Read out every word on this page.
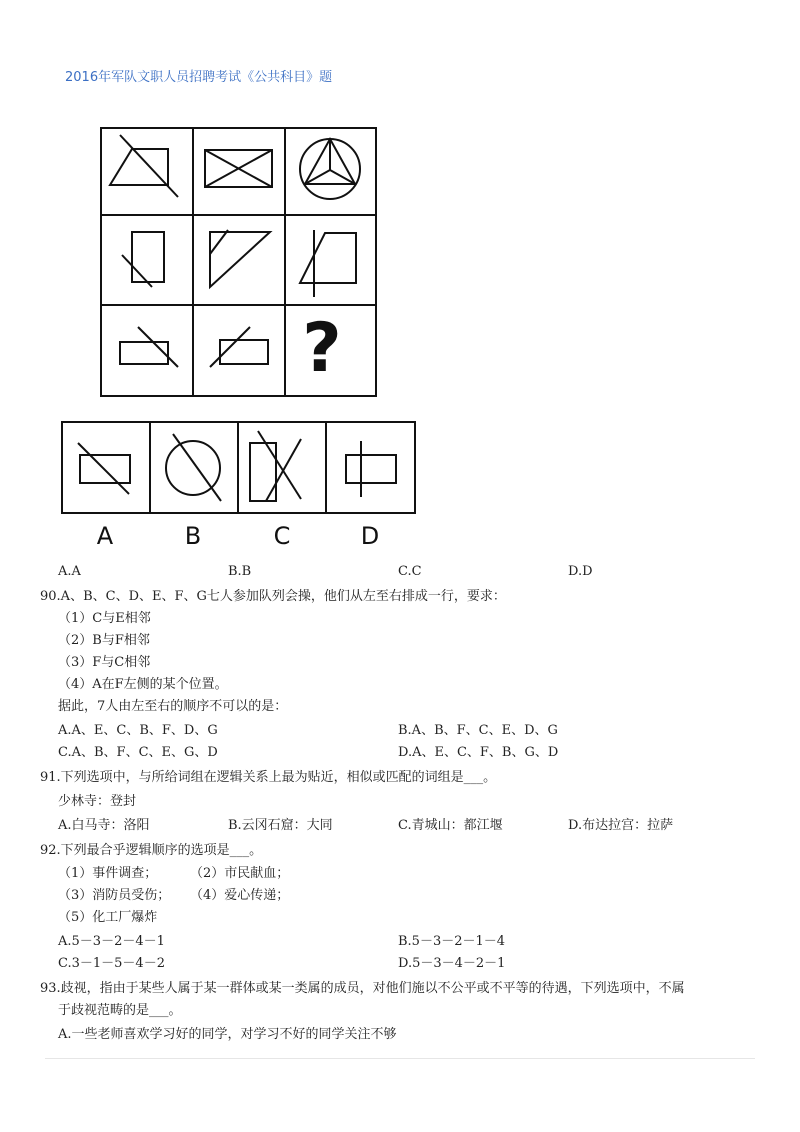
2016年军队文职人员招聘考试《公共科目》题
?
A	B	C	D
A.A	B.B	C.C	D.D
90.A、B、C、D、E、F、G七人参加队列会操，他们从左至右排成一行，要求：
（1）C与E相邻
（2）B与F相邻
（3）F与C相邻
（4）A在F左侧的某个位置。
据此，7人由左至右的顺序不可以的是：
A.A、E、C、B、F、D、G	B.A、B、F、C、E、D、G
C.A、B、F、C、E、G、D	D.A、E、C、F、B、G、D
91.下列选项中，与所给词组在逻辑关系上最为贴近，相似或匹配的词组是___。
少林寺：登封
A.白马寺：洛阳	B.云冈石窟：大同	C.青城山：都江堰	D.布达拉宫：拉萨
92.下列最合乎逻辑顺序的选项是___。
（1）事件调查；	（2）市民献血；
（3）消防员受伤； （4）爱心传递；
（5）化工厂爆炸
A.5－3－2－4－1	B.5－3－2－1－4
C.3－1－5－4－2	D.5－3－4－2－1
93.歧视，指由于某些人属于某一群体或某一类属的成员，对他们施以不公平或不平等的待遇，下列选项中，不属
于歧视范畴的是___。
A.一些老师喜欢学习好的同学，对学习不好的同学关注不够
